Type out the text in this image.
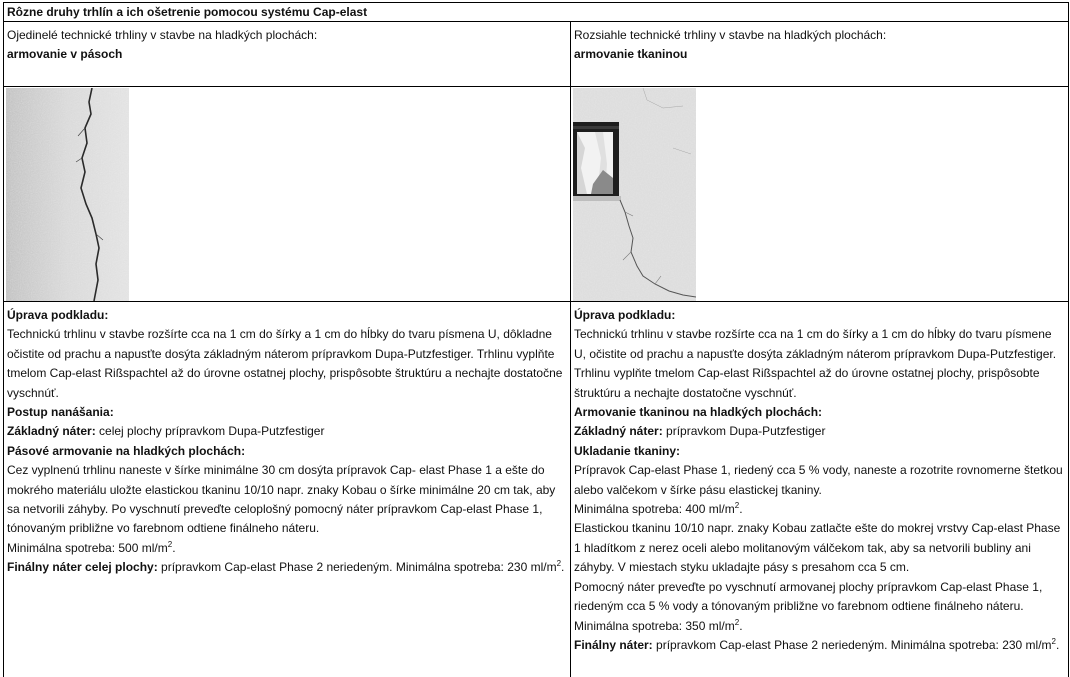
Rôzne druhy trhlín a ich ošetrenie pomocou systému Cap-elast
Ojedinelé technické trhliny v stavbe na hladkých plochách:
armovanie v pásoch

Úprava podkladu:

Technickú trhlinu v stavbe rozšírte cca na 1 cm do šírky a 1 cm do hĺbky do tvaru písmena U, dôkladne očistite od prachu a napusťte dosýta základným náterom prípravkom Dupa-Putzfestiger. Trhlinu vyplňte tmelom Cap-elast Rißspachtel až do úrovne ostatnej plochy, prispôsobte štruktúru a nechajte dostatočne vyschnúť.

Postup nanášania:

Základný náter: celej plochy prípravkom Dupa-Putzfestiger

Pásové armovanie na hladkých plochách:

Cez vyplnenú trhlinu naneste v šírke minimálne 30 cm dosýta prípravok Cap- elast Phase 1 a ešte do mokrého materiálu uložte elastickou tkaninu 10/10 napr. znaky Kobau o šírke minimálne 20 cm tak, aby sa netvorili záhyby. Po vyschnutí preveďte celoplošný pomocný náter prípravkom Cap-elast Phase 1, tónovaným približne vo farebnom odtiene finálneho náteru.

Minimálna spotreba: 500 $ml/m^2$.

Finálny náter celej plochy: prípravkom Cap-elast Phase 2 neriedeným. Minimálna spotreba: 230 $ml/m^2$.

Rozsiahle technické trhliny v stavbe na hladkých plochách:
armovanie tkaninou

Úprava podkladu:

Technickú trhlinu v stavbe rozšírte cca na 1 cm do šírky a 1 cm do hĺbky do tvaru písmene U, očistite od prachu a napusťte dosýta základným náterom prípravkom Dupa-Putzfestiger. Trhlinu vyplňte tmelom Cap-elast Rißspachtel až do úrovne ostatnej plochy, prispôsobte štruktúru a nechajte dostatočne vyschnúť.

Armovanie tkaninou na hladkých plochách:

Základný náter: prípravkom Dupa-Putzfestiger

Ukladanie tkaniny:

Prípravok Cap-elast Phase 1, riedený cca 5 % vody, naneste a rozotrite rovnomerne štetkou alebo valčekom v šírke pásu elastickej tkaniny.

Minimálna spotreba: 400 $ml/m^2$.

Elastickou tkaninu 10/10 napr. znaky Kobau zatlačte ešte do mokrej vrstvy Cap-elast Phase 1 hladítkom z nerez oceli alebo molitanovým válčekom tak, aby sa netvorili bubliny ani záhyby. V miestach styku ukladajte pásy s presahom cca 5 cm.

Pomocný náter preveďte po vyschnutí armovanej plochy prípravkom Cap-elast Phase 1, riedeným cca 5 % vody a tónovaným približne vo farebnom odtiene finálneho náteru.

Minimálna spotreba: 350 $ml/m^2$.

Finálny náter: prípravkom Cap-elast Phase 2 neriedeným. Minimálna spotreba: 230 $ml/m^2$.
